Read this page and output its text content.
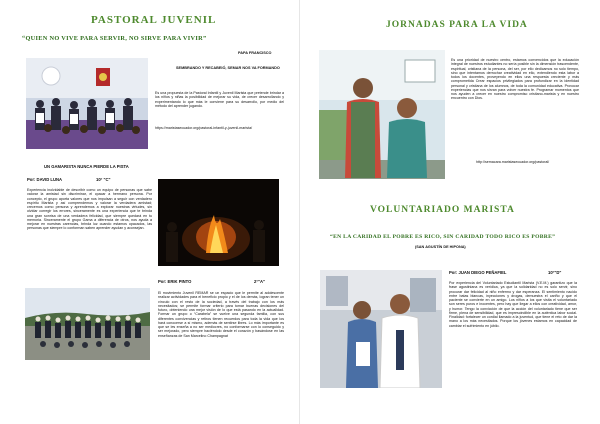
PASTORAL JUVENIL
“QUIEN NO VIVE PARA SERVIR, NO SIRVE PARA VIVIR”
PAPA FRANCISCO
SEMBRANDO Y RECABEIÓ, SEMAR NOS VA FORMANDO

Es una propuesta de la Pastoral Infantil y Juvenil Marista que pretende brindar a los niños y niñas la posibilidad de mejorar su vida, de crecer desarrollando y experimentando lo que más le conviene para su desarrollo, por medio del método del aprender jugando.

https://maristasecuador.org/pastoral-infantil-y-juvenil-marista/
UN GAMARISTA NUNCA PIERDE LA PISTA
Por: DAVID LUNA	10° "C"

Experiencia inolvidable de describir como un equipo de personas que sabe valorar la amistad sin discriminar, el cpacar a hermano persona. Por concepto, el grupo aporta valores que nos impulsan a seguir con verdadero espíritu Marista y así comprendemos y valorar la verdadera amistad; crecemos como persona y aprendemos a explorar nuestras virtudes, sin olvidar corregir los errores, sinceramente es una experiencia que te brinda una gran sonrisa de una verdadera felicidad, que siempre quedará en tu memoria. Sinceramente el grupo Gama a diferencia de otros, nos ayuda a mejorar en nuestras carencias, brinda luz cuando estamos opacados, las personas que siempre lo conforman saben aprender ayudan y aconsejan.

Por: ERIK PINTO	2°"A"

El movimiento Juvenil REMAR se un espacio que le permite al adolescente realizar actividades para el beneficio propio y el de los demás, logran tener un vínculo con el resto de la sociedad, a través del trabajo con los más necesitados; se permite formar criterio para tomar buenas decisiones del futuro, obteniendo una mejor visión de lo que está pasando en la actualidad. Formar un grupo o “Carabela” se vuelve una segunda familia, con sus diferentes convivencias y retiros tienen recuerdos para toda la vida que los hará conocerse a sí mismo, además de sentirse libres. Lo más importante es que se les enseña a no ser mediocres, no conformarse con lo conseguido y ser mejorado, pero siempre haciéndolo desde el corazón y basándose en las enseñanzas de San Marcelino Champagnat

JORNADAS PARA LA VIDA

Es una prioridad de nuestro centro, estamos convencidos que la educación integral de nuestros estudiantes no sería posible sin la dimensión trascendente, espiritual, cristiana de la persona, del ser, por ello dedicamos no solo tiempo, sino que intentamos derrochar creatividad en ello, extendiendo esta labor a todos los docentes, proveyendo en ellos una respuesta creciente y más comprometida Crear espacios privilegiados para profundizar en la identidad personal y cristiana de los alumnos, de toda la comunidad educativa. Provocar experiencias que nos sirvan para volver nuestra fe. Programar momentos que nos ayuden a crecer en nuestro compromiso cristiano-marista y en nuestro encuentro con Dios.

http://semacara.maristasecuador.org/pastoral/
VOLUNTARIADO MARISTA
“EN LA CARIDAD EL POBRE ES RICO, SIN CARIDAD TODO RICO ES POBRE”
(SAN AGUSTÍN DE HIPONA)
Por: JUAN DIEGO PEÑAFIEL	10°"D"

Por experiencia del Voluntariado Estudiantil Marista (V.E.M.) garantizo que la frase agustiniana es verídica, ya que la solidaridad no es solo servir, sino procurar dar felicidad al niño enfermo y dar esperanza. El sentimiento nacido entre batas blancas, inyecciones y drogas, demuestra el cariño y que el paciente se convierte en un amigo. Los niños a los que visita el voluntariado son seres puros e inocentes, pero hay que llegar a ellos con creatividad, amor, y humor. Tengo la convicción de que la acción del voluntariado tiene que ser firme, plena de sensibilidad, que es imprescindible en la auténtica labor social. Finalidad: fortalecer un cordial llamado a la juventud, que tiene el reto de dar la mano a los más necesitados. Porque los jóvenes estamos en capacidad de cambiar el sufrimiento en júbilo.
